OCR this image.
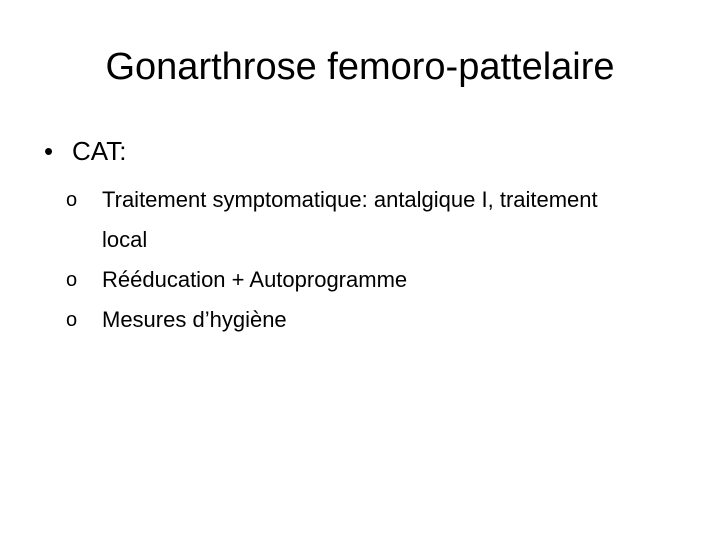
Gonarthrose femoro-pattelaire
• CAT:
o Traitement symptomatique: antalgique I, traitement local
o Rééducation + Autoprogramme
o Mesures d’hygiène
